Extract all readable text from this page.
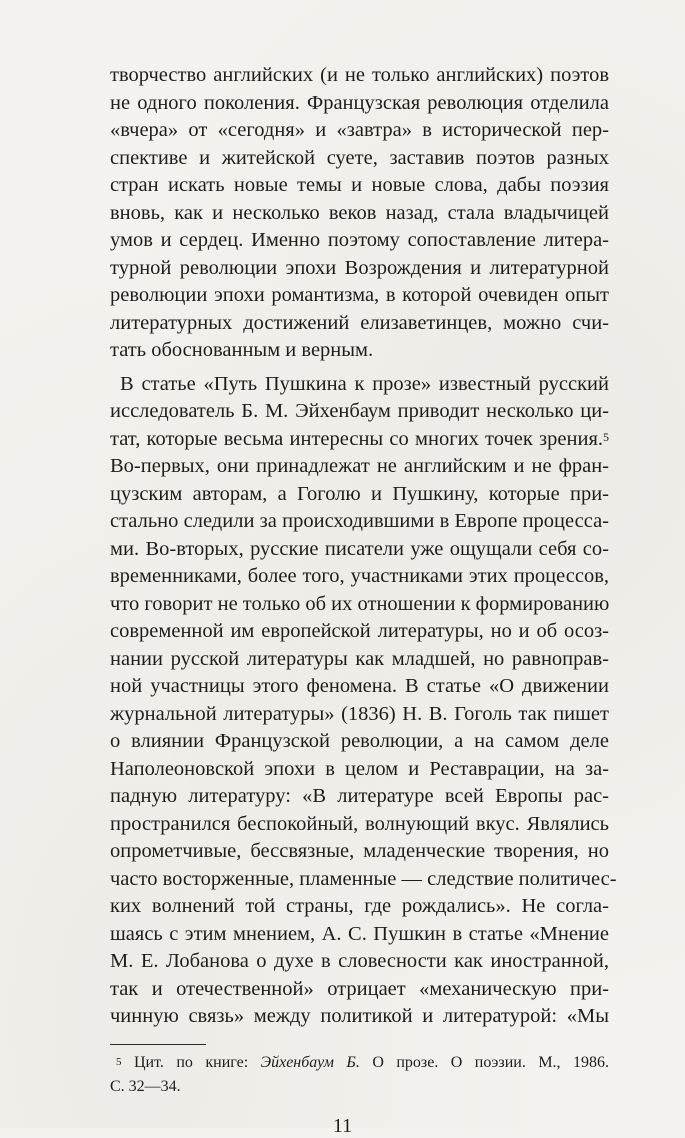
творчество английских (и не только английских) поэтов
не одного поколения. Французская революция отделила
«вчера» от «сегодня» и «завтра» в исторической пер-
спективе и житейской суете, заставив поэтов разных
стран искать новые темы и новые слова, дабы поэзия
вновь, как и несколько веков назад, стала владычицей
умов и сердец. Именно поэтому сопоставление литера-
турной революции эпохи Возрождения и литературной
революции эпохи романтизма, в которой очевиден опыт
литературных достижений елизаветинцев, можно счи-
тать обоснованным и верным.
В статье «Путь Пушкина к прозе» известный русский
исследователь Б. М. Эйхенбаум приводит несколько ци-
тат, которые весьма интересны со многих точек зрения.$^5$
Во-первых, они принадлежат не английским и не фран-
цузским авторам, а Гоголю и Пушкину, которые при-
стально следили за происходившими в Европе процесса-
ми. Во-вторых, русские писатели уже ощущали себя со-
временниками, более того, участниками этих процессов,
что говорит не только об их отношении к формированию
современной им европейской литературы, но и об осоз-
нании русской литературы как младшей, но равноправ-
ной участницы этого феномена. В статье «О движении
журнальной литературы» (1836) Н. В. Гоголь так пишет
о влиянии Французской революции, а на самом деле
Наполеоновской эпохи в целом и Реставрации, на за-
падную литературу: «В литературе всей Европы рас-
пространился беспокойный, волнующий вкус. Являлись
опрометчивые, бессвязные, младенческие творения, но
часто восторженные, пламенные — следствие политичес-
ких волнений той страны, где рождались». Не согла-
шаясь с этим мнением, А. С. Пушкин в статье «Мнение
М. Е. Лобанова о духе в словесности как иностранной,
так и отечественной» отрицает «механическую при-
чинную связь» между политикой и литературой: «Мы
$^5$ Цит. по книге: Эйхенбаум Б. О прозе. О поэзии. М., 1986.
С. 32—34.
11
